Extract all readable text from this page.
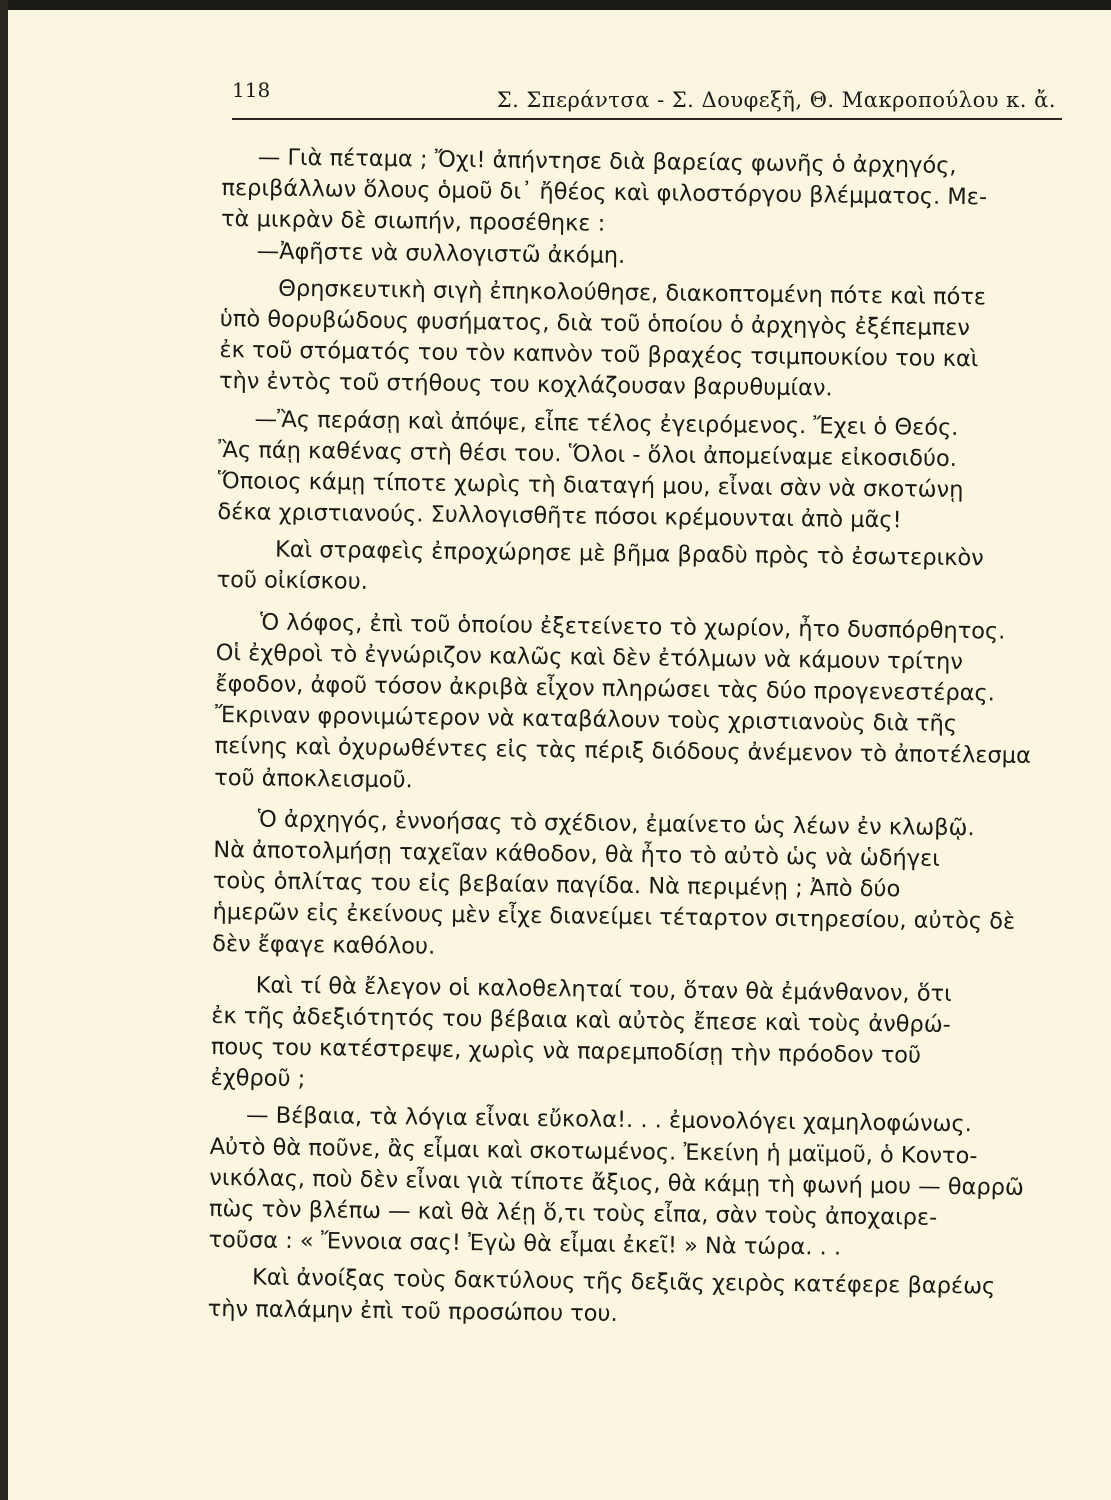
118	Σ. Σπεράντσα - Σ. Δουφεξῆ, Θ. Μακροπούλου κ. ἄ.
— Γιὰ πέταμα ; Ὄχι! ἀπήντησε διὰ βαρείας φωνῆς ὁ ἀρχηγός,
περιβάλλων ὅλους ὁμοῦ δι᾿ ἤθέος καὶ φιλοστόργου βλέμματος. Με-
τὰ μικρὰν δὲ σιωπήν, προσέθηκε :
—Ἀφῆστε νὰ συλλογιστῶ ἀκόμη.
Θρησκευτικὴ σιγὴ ἐπηκολούθησε, διακοπτομένη πότε καὶ πότε
ὑπὸ θορυβώδους φυσήματος, διὰ τοῦ ὁποίου ὁ ἀρχηγὸς ἐξέπεμπεν
ἐκ τοῦ στόματός του τὸν καπνὸν τοῦ βραχέος τσιμπουκίου του καὶ
τὴν ἐντὸς τοῦ στήθους του κοχλάζουσαν βαρυθυμίαν.
—Ἂς περάσῃ καὶ ἀπόψε, εἶπε τέλος ἐγειρόμενος. Ἔχει ὁ Θεός.
Ἂς πάῃ καθένας στὴ θέσι του. Ὅλοι - ὅλοι ἀπομείναμε εἰκοσιδύο.
Ὅποιος κάμῃ τίποτε χωρὶς τὴ διαταγή μου, εἶναι σὰν νὰ σκοτώνῃ
δέκα χριστιανούς. Συλλογισθῆτε πόσοι κρέμουνται ἀπὸ μᾶς!
Καὶ στραφεὶς ἐπροχώρησε μὲ βῆμα βραδὺ πρὸς τὸ ἐσωτερικὸν
τοῦ οἰκίσκου.
Ὁ λόφος, ἐπὶ τοῦ ὁποίου ἐξετείνετο τὸ χωρίον, ἦτο δυσπόρθητος.
Οἱ ἐχθροὶ τὸ ἐγνώριζον καλῶς καὶ δὲν ἐτόλμων νὰ κάμουν τρίτην
ἔφοδον, ἀφοῦ τόσον ἀκριβὰ εἶχον πληρώσει τὰς δύο προγενεστέρας.
Ἔκριναν φρονιμώτερον νὰ καταβάλουν τοὺς χριστιανοὺς διὰ τῆς
πείνης καὶ ὀχυρωθέντες εἰς τὰς πέριξ διόδους ἀνέμενον τὸ ἀποτέλεσμα
τοῦ ἀποκλεισμοῦ.
Ὁ ἀρχηγός, ἐννοήσας τὸ σχέδιον, ἐμαίνετο ὡς λέων ἐν κλωβῷ.
Νὰ ἀποτολμήσῃ ταχεῖαν κάθοδον, θὰ ἦτο τὸ αὐτὸ ὡς νὰ ὡδήγει
τοὺς ὁπλίτας του εἰς βεβαίαν παγίδα. Νὰ περιμένῃ ; Ἀπὸ δύο
ἡμερῶν εἰς ἐκείνους μὲν εἶχε διανείμει τέταρτον σιτηρεσίου, αὐτὸς δὲ
δὲν ἔφαγε καθόλου.
Καὶ τί θὰ ἔλεγον οἱ καλοθεληταί του, ὅταν θὰ ἐμάνθανον, ὅτι
ἐκ τῆς ἀδεξιότητός του βέβαια καὶ αὐτὸς ἔπεσε καὶ τοὺς ἀνθρώ-
πους του κατέστρεψε, χωρὶς νὰ παρεμποδίσῃ τὴν πρόοδον τοῦ
ἐχθροῦ ;
— Βέβαια, τὰ λόγια εἶναι εὔκολα!. . . ἐμονολόγει χαμηλοφώνως.
Αὐτὸ θὰ ποῦνε, ἂς εἶμαι καὶ σκοτωμένος. Ἐκείνη ἡ μαϊμοῦ, ὁ Κοντο-
νικόλας, ποὺ δὲν εἶναι γιὰ τίποτε ἄξιος, θὰ κάμῃ τὴ φωνή μου — θαρρῶ
πὼς τὸν βλέπω — καὶ θὰ λέῃ ὅ,τι τοὺς εἶπα, σὰν τοὺς ἀποχαιρε-
τοῦσα : « Ἔννοια σας! Ἐγὼ θὰ εἶμαι ἐκεῖ! » Νὰ τώρα. . .
Καὶ ἀνοίξας τοὺς δακτύλους τῆς δεξιᾶς χειρὸς κατέφερε βαρέως
τὴν παλάμην ἐπὶ τοῦ προσώπου του.
